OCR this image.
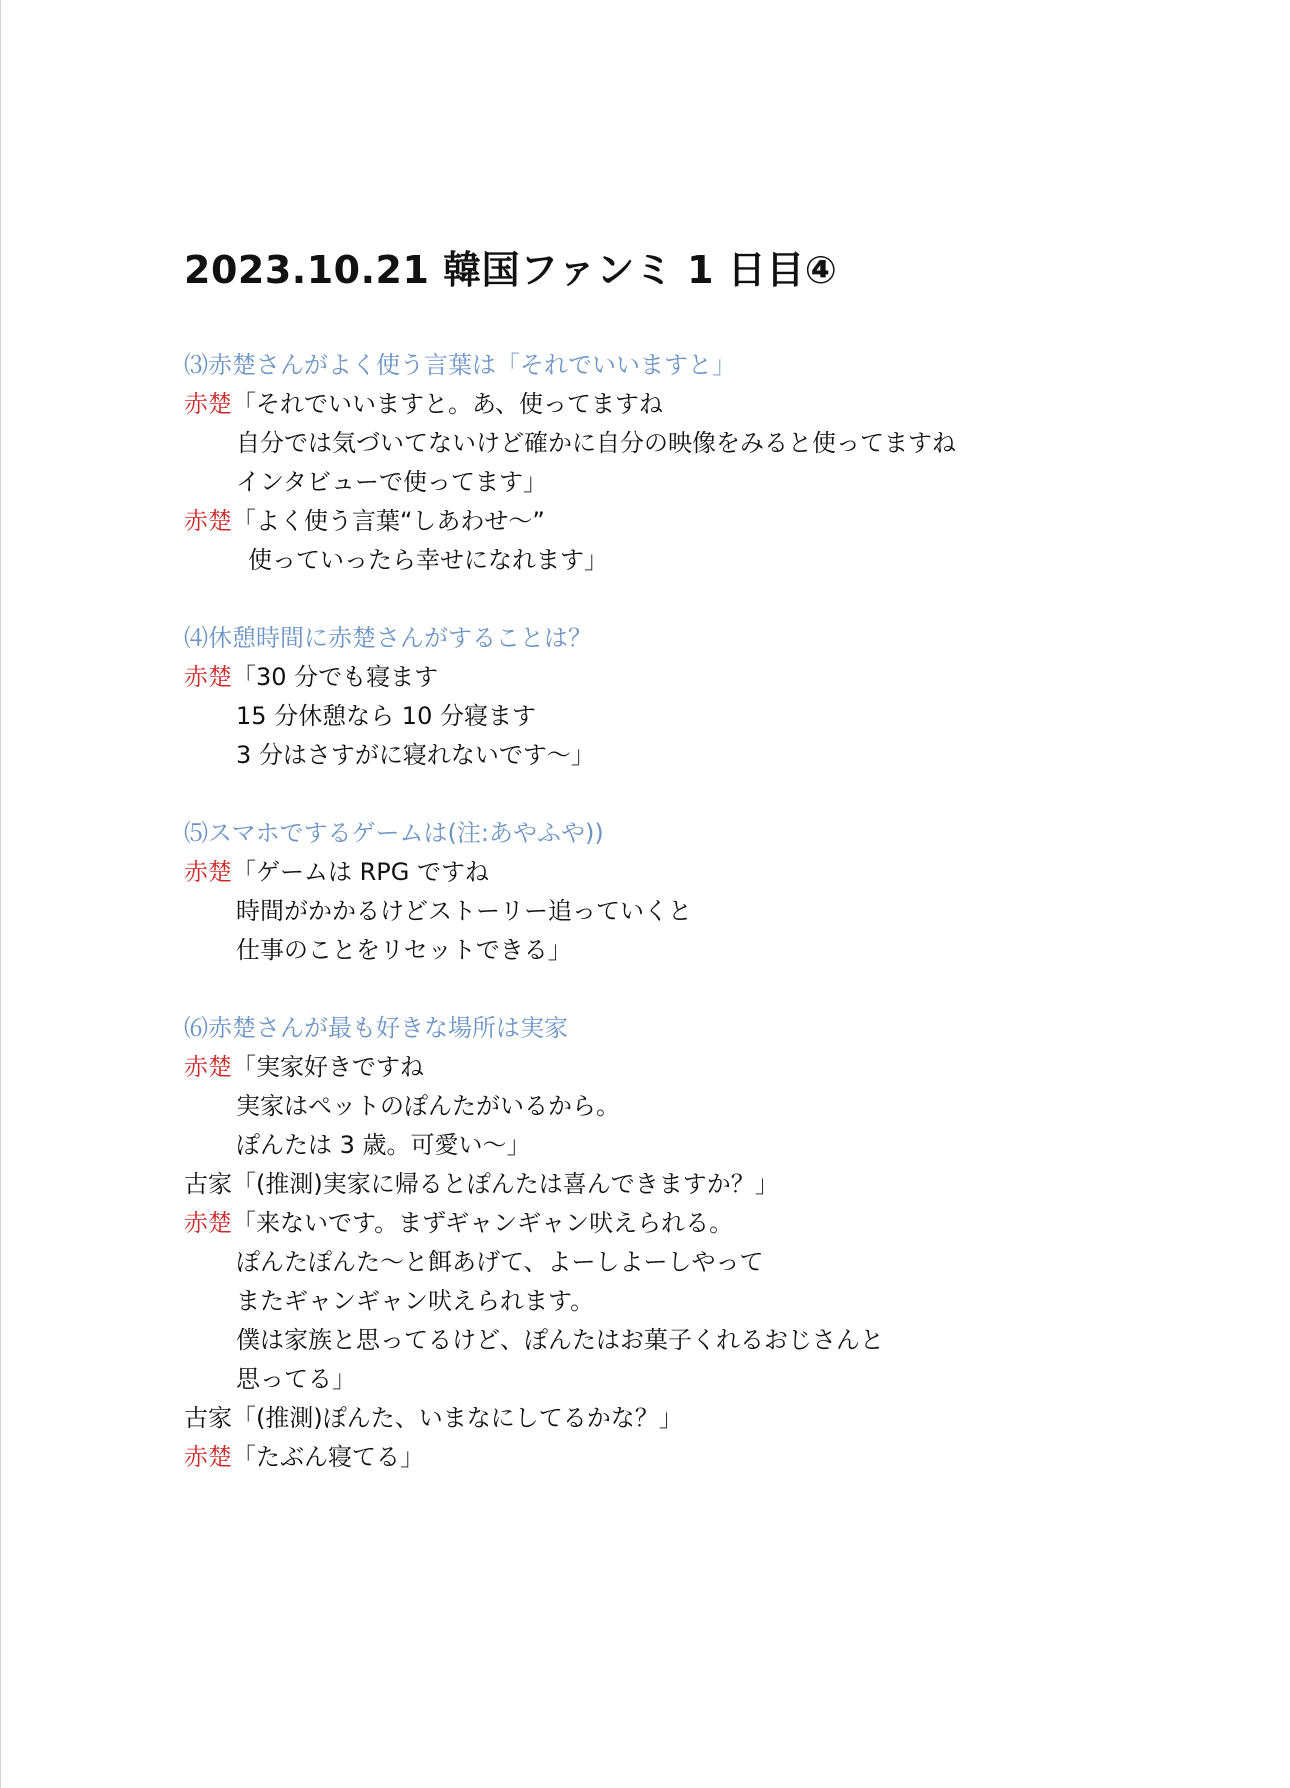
2023.10.21 韓国ファンミ 1 日目④
⑶赤楚さんがよく使う言葉は「それでいいますと」
赤楚「それでいいますと。あ、使ってますね
自分では気づいてないけど確かに自分の映像をみると使ってますね
インタビューで使ってます」
赤楚「よく使う言葉“しあわせ～”
使っていったら幸せになれます」
⑷休憩時間に赤楚さんがすることは？
赤楚「30 分でも寝ます
15 分休憩なら 10 分寝ます
3 分はさすがに寝れないです～」
⑸スマホでするゲームは(注:あやふや))
赤楚「ゲームは RPG ですね
時間がかかるけどストーリー追っていくと
仕事のことをリセットできる」
⑹赤楚さんが最も好きな場所は実家
赤楚「実家好きですね
実家はペットのぽんたがいるから。
ぽんたは 3 歳。可愛い～」
古家「(推測)実家に帰るとぽんたは喜んできますか？」
赤楚「来ないです。まずギャンギャン吠えられる。
ぽんたぽんた～と餌あげて、よーしよーしやって
またギャンギャン吠えられます。
僕は家族と思ってるけど、ぽんたはお菓子くれるおじさんと
思ってる」
古家「(推測)ぽんた、いまなにしてるかな？」
赤楚「たぶん寝てる」
